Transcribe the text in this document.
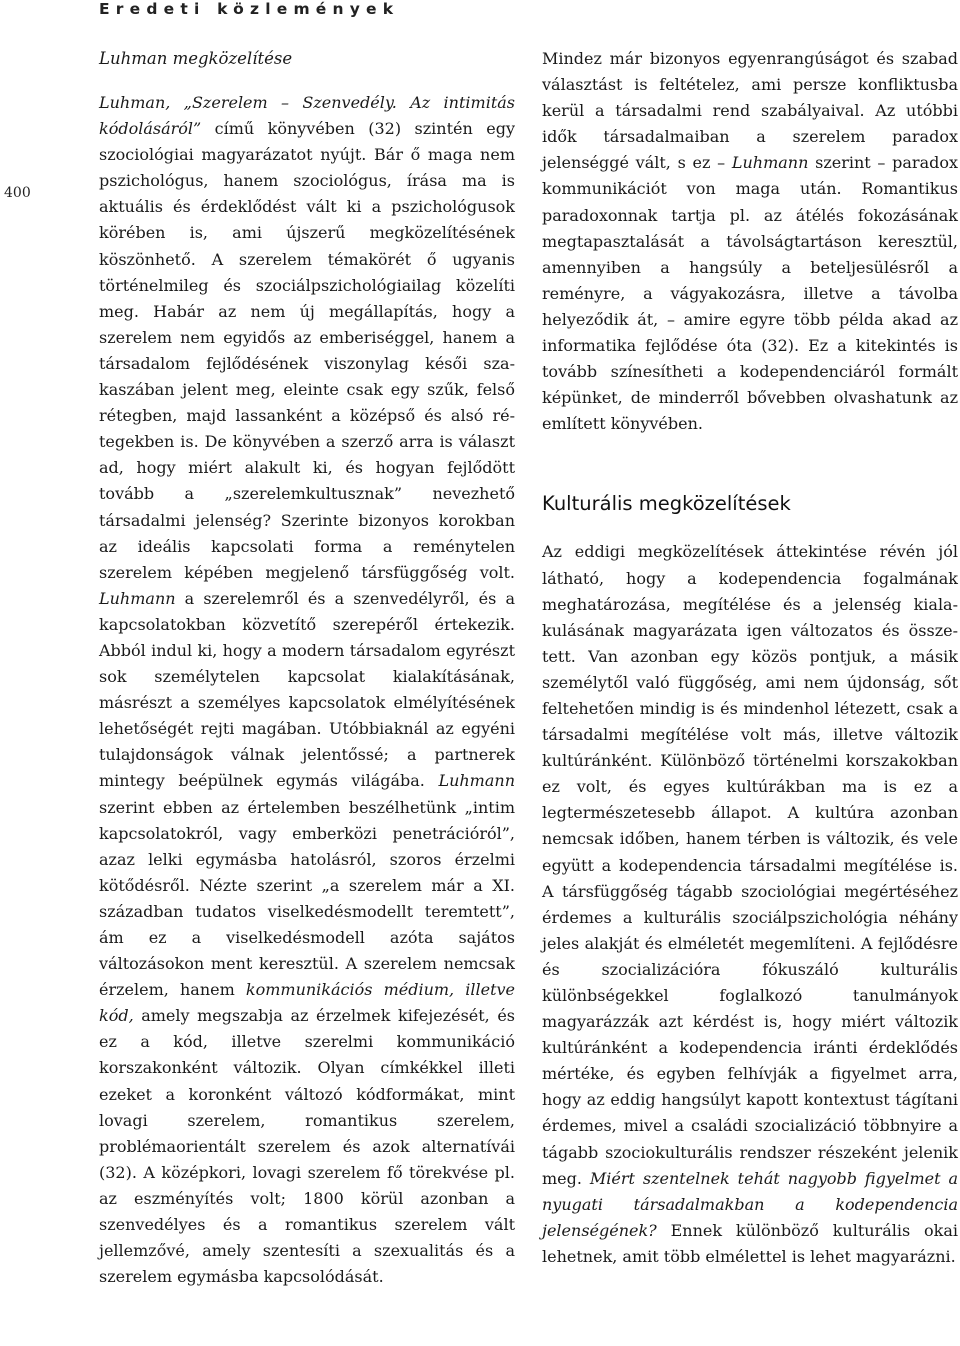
Eredeti közlemények
400
Luhman megközelítése

Luhman, „Szerelem – Szenvedély. Az intimitás kódolásáról” című könyvében (32) szintén egy szociológiai magyarázatot nyújt. Bár ő maga nem pszichológus, hanem szociológus, írása ma is aktuális és érdeklődést vált ki a pszichológusok körében is, ami újszerű megközelítésének köszönhető. A szerelem témakörét ő ugyanis történelmileg és szociálpszichológiailag közelíti meg. Habár az nem új megállapítás, hogy a szerelem nem egyidős az emberiséggel, hanem a társadalom fejlődésének viszonylag késői szakaszában jelent meg, eleinte csak egy szűk, felső rétegben, majd lassanként a középső és alsó rétegekben is. De könyvében a szerző arra is választ ad, hogy miért alakult ki, és hogyan fejlődött tovább a „szerelemkultusznak” nevezhető társadalmi jelenség? Szerinte bizonyos korokban az ideális kapcsolati forma a reménytelen szerelem képében megjelenő társfüggőség volt. Luhmann a szerelemről és a szenvedélyről, és a kapcsolatokban közvetítő szerepéről értekezik. Abból indul ki, hogy a modern társadalom egyrészt sok személytelen kapcsolat kialakításának, másrészt a személyes kapcsolatok elmélyítésének lehetőségét rejti magában. Utóbbiaknál az egyéni tulajdonságok válnak jelentőssé; a partnerek mintegy beépülnek egymás világába. Luhmann szerint ebben az értelemben beszélhetünk „intim kapcsolatokról, vagy emberközi penetrációról”, azaz lelki egymásba hatolásról, szoros érzelmi kötődésről. Nézte szerint „a szerelem már a XI. században tudatos viselkedésmodellt teremtett”, ám ez a viselkedésmodell azóta sajátos változásokon ment keresztül. A szerelem nemcsak érzelem, hanem kommunikációs médium, illetve kód, amely megszabja az érzelmek kifejezését, és ez a kód, illetve szerelmi kommunikáció korszakonként változik. Olyan címkékkel illeti ezeket a koronként változó kódformákat, mint lovagi szerelem, romantikus szerelem, problémaorientált szerelem és azok alternatívái (32). A középkori, lovagi szerelem fő törekvése pl. az eszményítés volt; 1800 körül azonban a szenvedélyes és a romantikus szerelem vált jellemzővé, amely szentesíti a szexualitás és a szerelem egymásba kapcsolódását.

Mindez már bizonyos egyenrangúságot és szabad választást is feltételez, ami persze konfliktusba kerül a társadalmi rend szabályaival. Az utóbbi idők társadalmaiban a szerelem paradox jelenséggé vált, s ez – Luhmann szerint – paradox kommunikációt von maga után. Romantikus paradoxonnak tartja pl. az átélés fokozásának megtapasztalását a távolságtartáson keresztül, amennyiben a hangsúly a beteljesülésről a reményre, a vágyakozásra, illetve a távolba helyeződik át, – amire egyre több példa akad az informatika fejlődése óta (32). Ez a kitekintés is tovább színesítheti a kodependenciáról formált képünket, de minderről bővebben olvashatunk az említett könyvében.

Kulturális megközelítések

Az eddigi megközelítések áttekintése révén jól látható, hogy a kodependencia fogalmának meghatározása, megítélése és a jelenség kialakulásának magyarázata igen változatos és összetett. Van azonban egy közös pontjuk, a másik személytől való függőség, ami nem újdonság, sőt feltehetően mindig is és mindenhol létezett, csak a társadalmi megítélése volt más, illetve változik kultúránként. Különböző történelmi korszakokban ez volt, és egyes kultúrákban ma is ez a legtermészetesebb állapot. A kultúra azonban nemcsak időben, hanem térben is változik, és vele együtt a kodependencia társadalmi megítélése is. A társfüggőség tágabb szociológiai megértéséhez érdemes a kulturális szociálpszichológia néhány jeles alakját és elméletét megemlíteni. A fejlődésre és szocializációra fókuszáló kulturális különbségekkel foglalkozó tanulmányok magyarázzák azt kérdést is, hogy miért változik kultúránként a kodependencia iránti érdeklődés mértéke, és egyben felhívják a figyelmet arra, hogy az eddig hangsúlyt kapott kontextust tágítani érdemes, mivel a családi szocializáció többnyire a tágabb szociokulturális rendszer részeként jelenik meg. Miért szentelnek tehát nagyobb figyelmet a nyugati társadalmakban a kodependencia jelenségének? Ennek különböző kulturális okai lehetnek, amit több elmélettel is lehet magyarázni.
